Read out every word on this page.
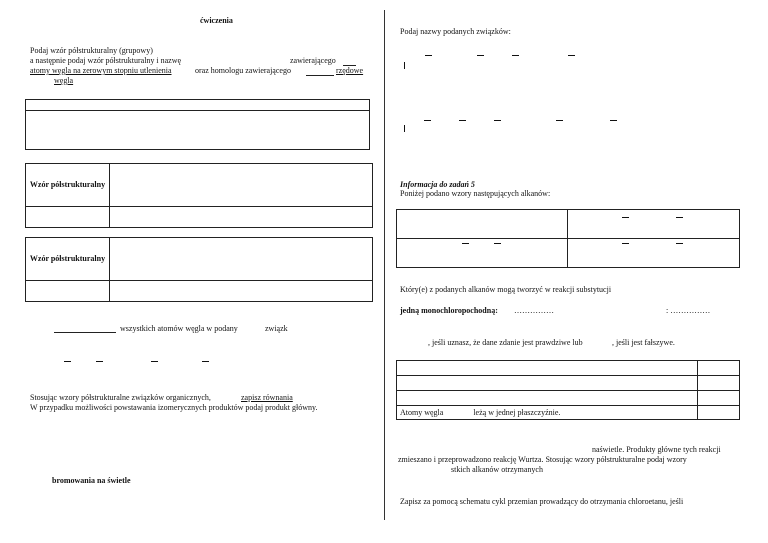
ćwiczenia
Podaj wzór półstrukturalny (grupowy)
a następnie podaj wzór półstrukturalny i nazwę	zawierającego
atomy węgla na zerowym stopniu utlenienia	oraz homologu zawierającego	rzędowe
węgla

Wzór półstrukturalny	

Wzór półstrukturalny	

wszystkich atomów węgla w podany	związk
Stosując wzory półstrukturalne związków organicznych,	zapisz równania
W przypadku możliwości powstawania izomerycznych produktów podaj produkt główny.
bromowania na świetle
Podaj nazwy podanych związków:
Informacja do zadań 5
Poniżej podano wzory następujących alkanów:

Który(e) z podanych alkanów mogą tworzyć w reakcji substytucji
jedną monochloropochodną: ……………	: ……………
, jeśli uznasz, że dane zdanie jest prawdziwe lub	, jeśli jest fałszywe.

Atomy węgla leżą w jednej płaszczyźnie.	
naświetle. Produkty główne tych reakcji
zmieszano i przeprowadzono reakcję Wurtza. Stosując wzory półstrukturalne podaj wzory
stkich alkanów otrzymanych
Zapisz za pomocą schematu cykl przemian prowadzący do otrzymania chloroetanu, jeśli
